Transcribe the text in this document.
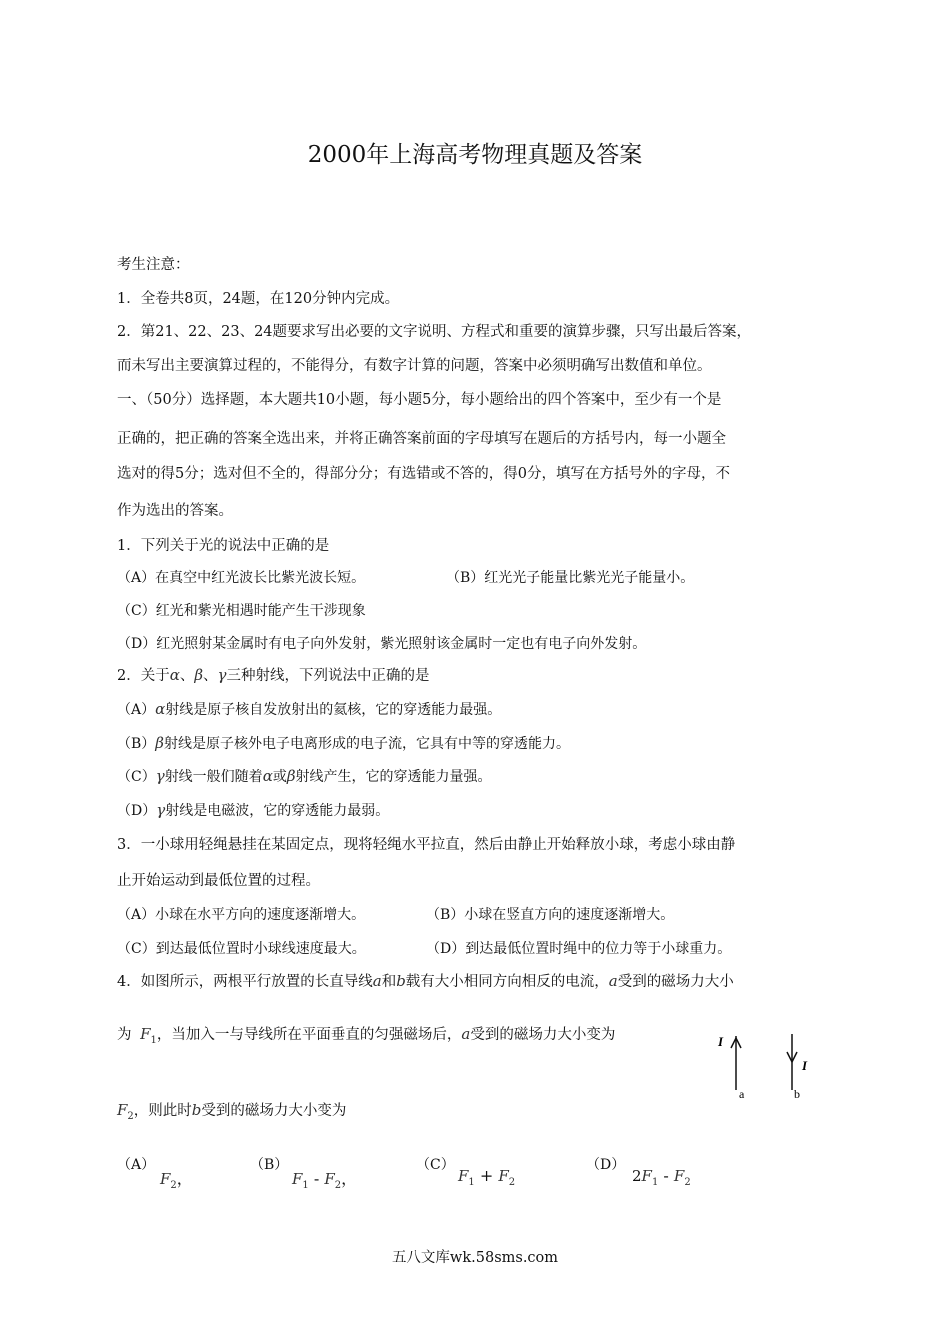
2000年上海高考物理真题及答案
考生注意：
1．全卷共8页，24题，在120分钟内完成。
2．第21、22、23、24题要求写出必要的文字说明、方程式和重要的演算步骤，只写出最后答案，
而未写出主要演算过程的，不能得分，有数字计算的问题，答案中必须明确写出数值和单位。
一、（50分）选择题，本大题共10小题，每小题5分，每小题给出的四个答案中，至少有一个是
正确的，把正确的答案全选出来，并将正确答案前面的字母填写在题后的方括号内，每一小题全
选对的得5分；选对但不全的，得部分分；有选错或不答的，得0分，填写在方括号外的字母，不
作为选出的答案。
1．下列关于光的说法中正确的是
（A）在真空中红光波长比紫光波长短。	（B）红光光子能量比紫光光子能量小。
（C）红光和紫光相遇时能产生干涉现象
（D）红光照射某金属时有电子向外发射，紫光照射该金属时一定也有电子向外发射。
2．关于α、β、γ三种射线，下列说法中正确的是
（A）α射线是原子核自发放射出的氦核，它的穿透能力最强。
（B）β射线是原子核外电子电离形成的电子流，它具有中等的穿透能力。
（C）γ射线一般们随着α或β射线产生，它的穿透能力量强。
（D）γ射线是电磁波，它的穿透能力最弱。
3．一小球用轻绳悬挂在某固定点，现将轻绳水平拉直，然后由静止开始释放小球，考虑小球由静
止开始运动到最低位置的过程。
（A）小球在水平方向的速度逐渐增大。	（B）小球在竖直方向的速度逐渐增大。
（C）到达最低位置时小球线速度最大。	（D）到达最低位置时绳中的位力等于小球重力。
4．如图所示，两根平行放置的长直导线a和b载有大小相同方向相反的电流，a受到的磁场力大小
为 $F_1$，当加入一与导线所在平面垂直的匀强磁场后，a受到的磁场力大小变为	I
I
a	b
$F_2$，则此时b受到的磁场力大小变为
（A）
$F_2$，
（B）
$F_1 - F_2$，
（C）
$F_1 + F_2$
（D）
$2F_1 - F_2$
五八文库wk.58sms.com
